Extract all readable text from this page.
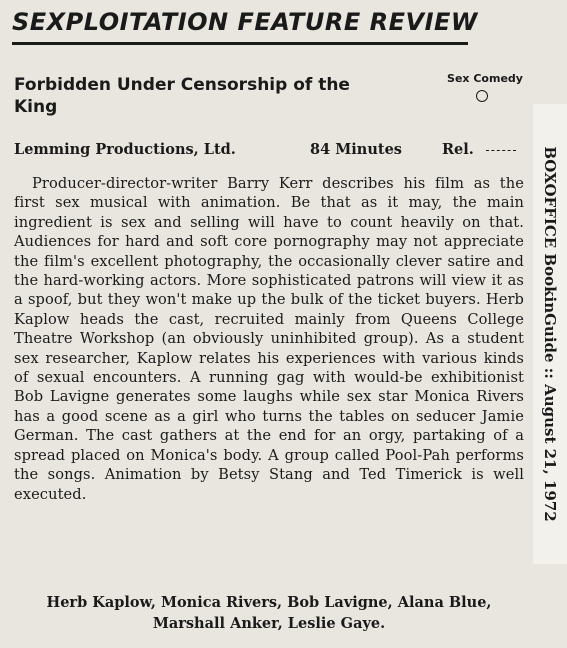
SEXPLOITATION FEATURE REVIEW
Forbidden Under Censorship of the King
Sex Comedy
Lemming Productions, Ltd.	84 Minutes	Rel.
Producer-director-writer Barry Kerr describes his film as the first sex musical with animation. Be that as it may, the main ingredient is sex and selling will have to count heavily on that. Audiences for hard and soft core pornography may not appreciate the film's excellent photography, the occasionally clever satire and the hard-working actors. More sophisticated patrons will view it as a spoof, but they won't make up the bulk of the ticket buyers. Herb Kaplow heads the cast, recruited mainly from Queens College Theatre Workshop (an obviously uninhibited group). As a student sex researcher, Kaplow relates his experiences with various kinds of sexual encounters. A running gag with would-be exhibitionist Bob Lavigne generates some laughs while sex star Monica Rivers has a good scene as a girl who turns the tables on seducer Jamie German. The cast gathers at the end for an orgy, partaking of a spread placed on Monica's body. A group called Pool-Pah performs the songs. Animation by Betsy Stang and Ted Timerick is well executed.
Herb Kaplow, Monica Rivers, Bob Lavigne, Alana Blue, Marshall Anker, Leslie Gaye.
BOXOFFICE BookinGuide :: August 21, 1972
